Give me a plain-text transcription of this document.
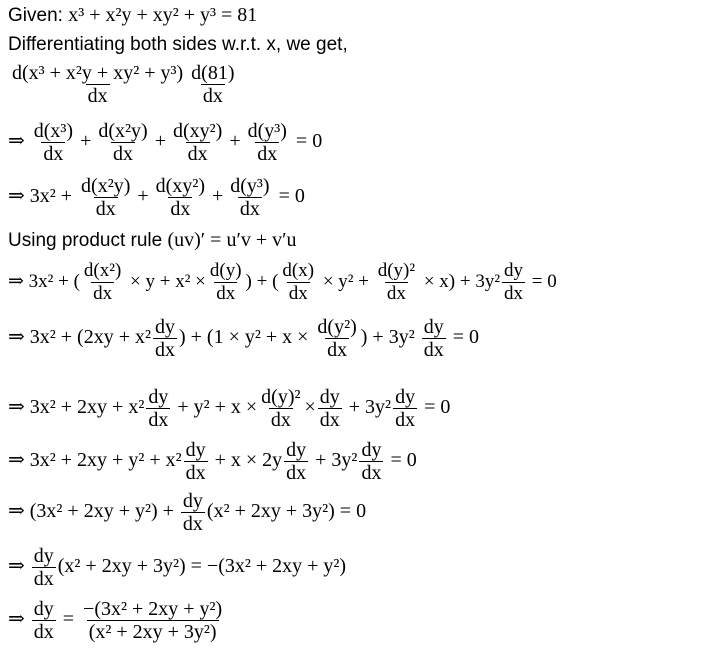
Given: x³ + x²y + xy² + y³ = 81
Differentiating both sides w.r.t. x, we get,
$\frac{\text{d(x³ + x²y + xy² + y³)}}{dx} \frac{d(81)}{dx}$
⇒ $\frac{\text{d(x³)}}{dx} + \frac{\text{d(x²y)}}{dx} + \frac{\text{d(xy²)}}{dx} + \frac{\text{d(y³)}}{dx} = 0$
⇒ $3x^2 + \frac{\text{d(x²y)}}{dx} + \frac{\text{d(xy²)}}{dx} + \frac{\text{d(y³)}}{dx} = 0$
Using product rule (uv)′ = u′v + v′u
⇒ 3x² + ( $\frac{\text{d(x²)}}{dx} \times y + x^2 \times \frac{d(y)}{dx}$ ) + ( $\frac{d(x)}{dx} \times y^2 + \frac{\text{d(y)²}}{dx} \times x) + 3y^2 \frac{dy}{dx} = 0$
⇒ $3x^2 + (2xy + x^2 \frac{dy}{dx}$ ) + ($1 \times y^2 + x \times \frac{\text{d(y²)}}{dx}$ ) + $3y^2 \frac{dy}{dx} = 0$
⇒ $3x^2 + 2xy + x^2 \frac{dy}{dx} + y^2 + x \times \frac{\text{d(y)²}}{dx} \times \frac{dy}{dx} + 3y^2 \frac{dy}{dx} = 0$
⇒ $3x^2 + 2xy + y^2 + x^2 \frac{dy}{dx} + x \times 2y \frac{dy}{dx} + 3y^2 \frac{dy}{dx} = 0$
⇒ $(3x^2 + 2xy + y^2) + \frac{dy}{dx} (x^2 + 2xy + 3y^2) = 0$
⇒ $\frac{dy}{dx} (x^2 + 2xy + 3y^2) = -(3x^2 + 2xy + y^2)$
⇒ $\frac{dy}{dx} = \frac{\text{−(3x² + 2xy + y²)}}{\text{(x² + 2xy + 3y²)}}$
